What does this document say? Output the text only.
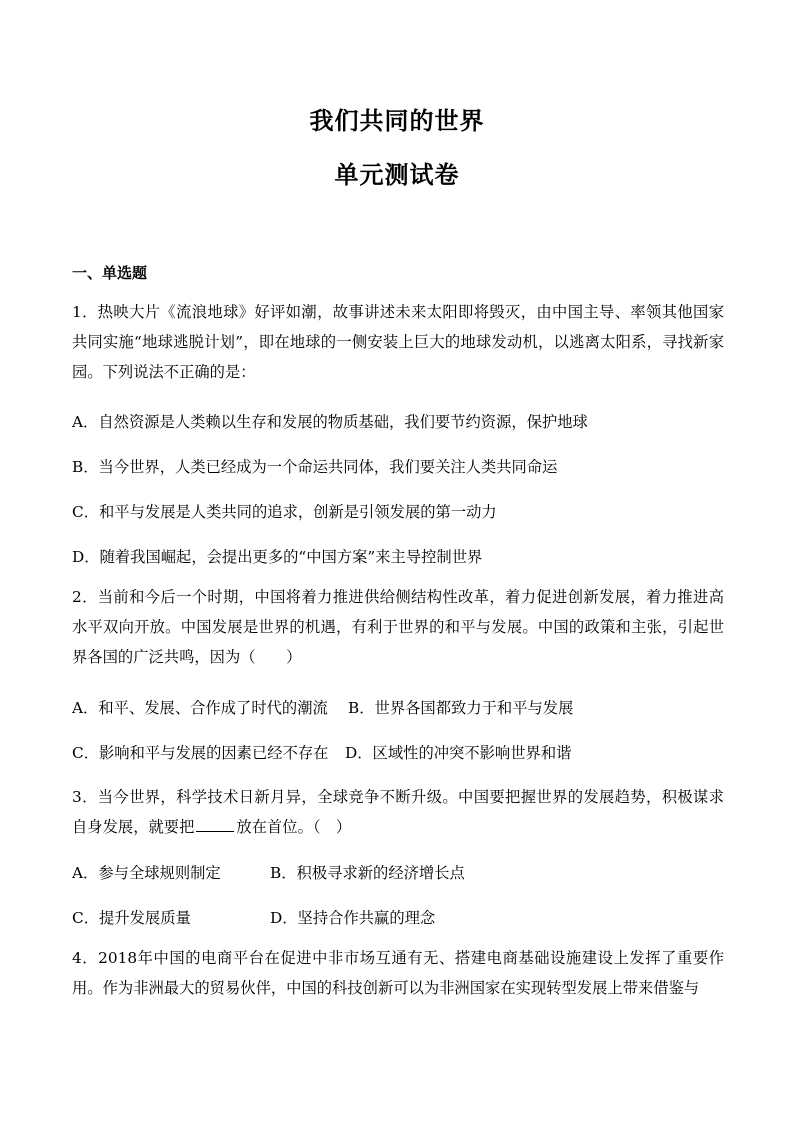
我们共同的世界
单元测试卷
一、单选题
1．热映大片《流浪地球》好评如潮，故事讲述未来太阳即将毁灭，由中国主导、率领其他国家共同实施“地球逃脱计划”，即在地球的一侧安装上巨大的地球发动机，以逃离太阳系，寻找新家园。下列说法不正确的是：
A．自然资源是人类赖以生存和发展的物质基础，我们要节约资源，保护地球
B．当今世界，人类已经成为一个命运共同体，我们要关注人类共同命运
C．和平与发展是人类共同的追求，创新是引领发展的第一动力
D．随着我国崛起，会提出更多的“中国方案”来主导控制世界
2．当前和今后一个时期，中国将着力推进供给侧结构性改革，着力促进创新发展，着力推进高水平双向开放。中国发展是世界的机遇，有利于世界的和平与发展。中国的政策和主张，引起世界各国的广泛共鸣，因为（　　）
A．和平、发展、合作成了时代的潮流 B．世界各国都致力于和平与发展
C．影响和平与发展的因素已经不存在 D．区域性的冲突不影响世界和谐
3．当今世界，科学技术日新月异，全球竞争不断升级。中国要把握世界的发展趋势，积极谋求自身发展，就要把	放在首位。（　）
A．参与全球规则制定	B．积极寻求新的经济增长点
C．提升发展质量	D．坚持合作共赢的理念
4．2018年中国的电商平台在促进中非市场互通有无、搭建电商基础设施建设上发挥了重要作用。作为非洲最大的贸易伙伴，中国的科技创新可以为非洲国家在实现转型发展上带来借鉴与
